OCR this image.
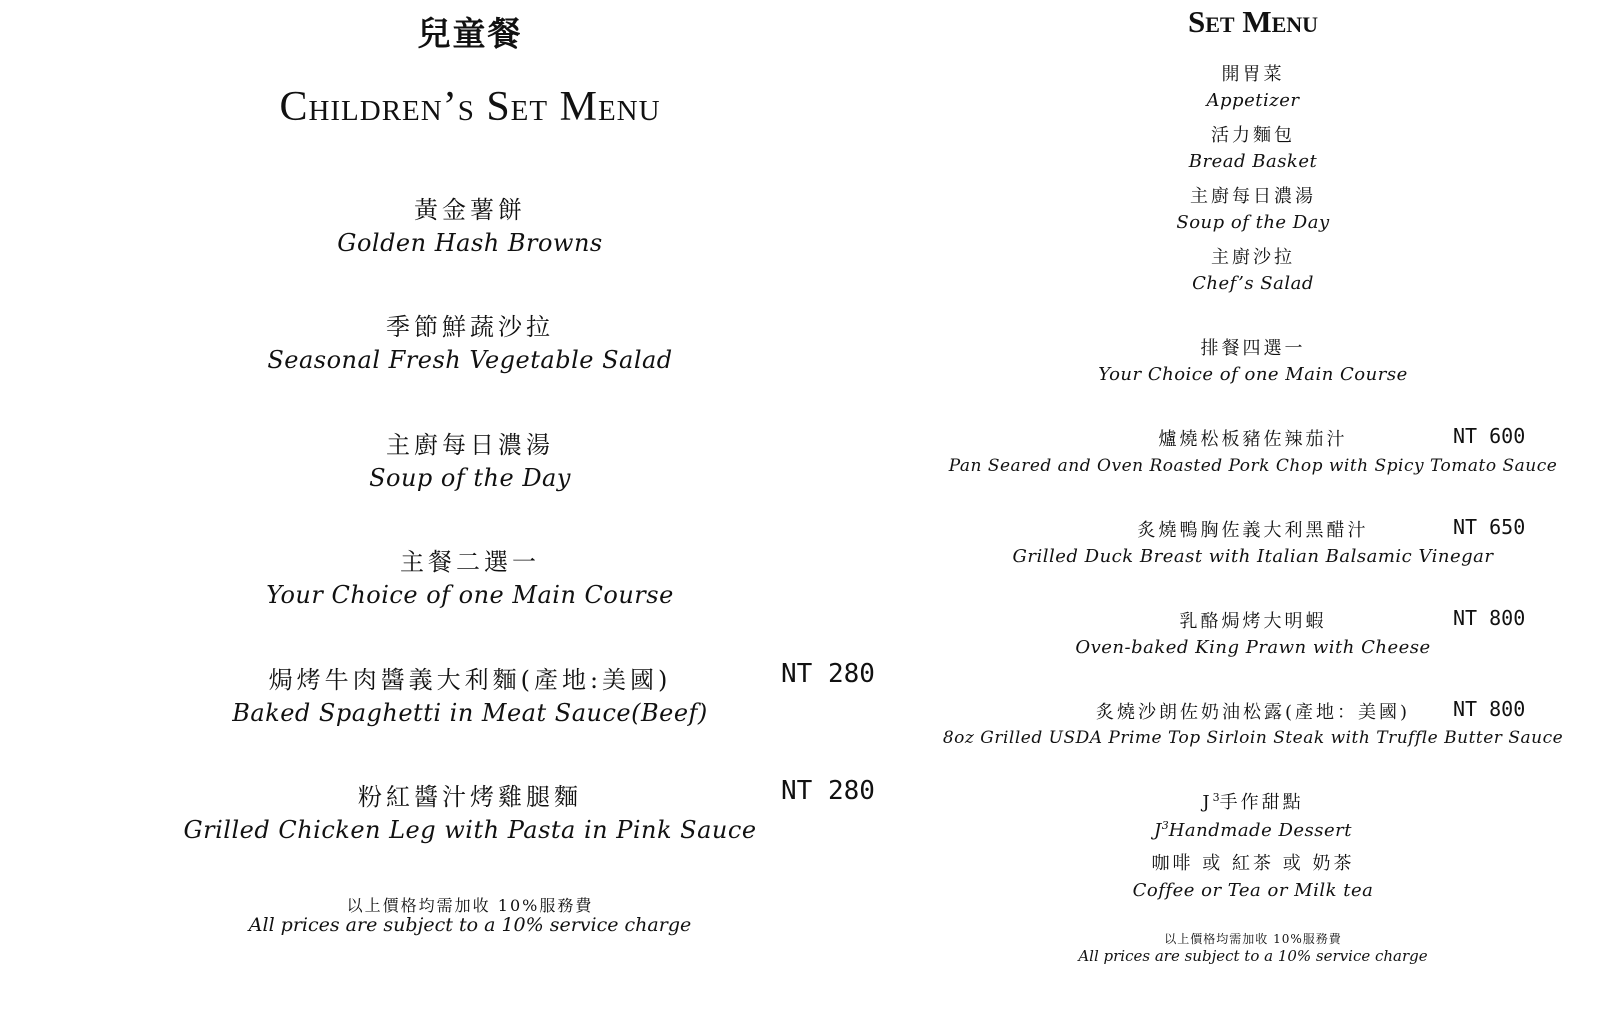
兒童餐
Children’s Set Menu
黃金薯餅
Golden Hash Browns
季節鮮蔬沙拉
Seasonal Fresh Vegetable Salad
主廚每日濃湯
Soup of the Day
主餐二選一
Your Choice of one Main Course
焗烤牛肉醬義大利麵(產地:美國)	NT 280
Baked Spaghetti in Meat Sauce(Beef)
粉紅醬汁烤雞腿麵	NT 280
Grilled Chicken Leg with Pasta in Pink Sauce
以上價格均需加收 10%服務費
All prices are subject to a 10% service charge
Set Menu
開胃菜
Appetizer
活力麵包
Bread Basket
主廚每日濃湯
Soup of the Day
主廚沙拉
Chef’s Salad
排餐四選一
Your Choice of one Main Course
爐燒松板豬佐辣茄汁	NT 600
Pan Seared and Oven Roasted Pork Chop with Spicy Tomato Sauce
炙燒鴨胸佐義大利黑醋汁	NT 650
Grilled Duck Breast with Italian Balsamic Vinegar
乳酪焗烤大明蝦	NT 800
Oven-baked King Prawn with Cheese
炙燒沙朗佐奶油松露(產地：美國) NT 800
8oz Grilled USDA Prime Top Sirloin Steak with Truffle Butter Sauce
$J^3$手作甜點
$J^3Handmade$ Dessert
咖啡 或 紅茶 或 奶茶
Coffee or Tea or Milk tea
以上價格均需加收 10%服務費
All prices are subject to a 10% service charge
